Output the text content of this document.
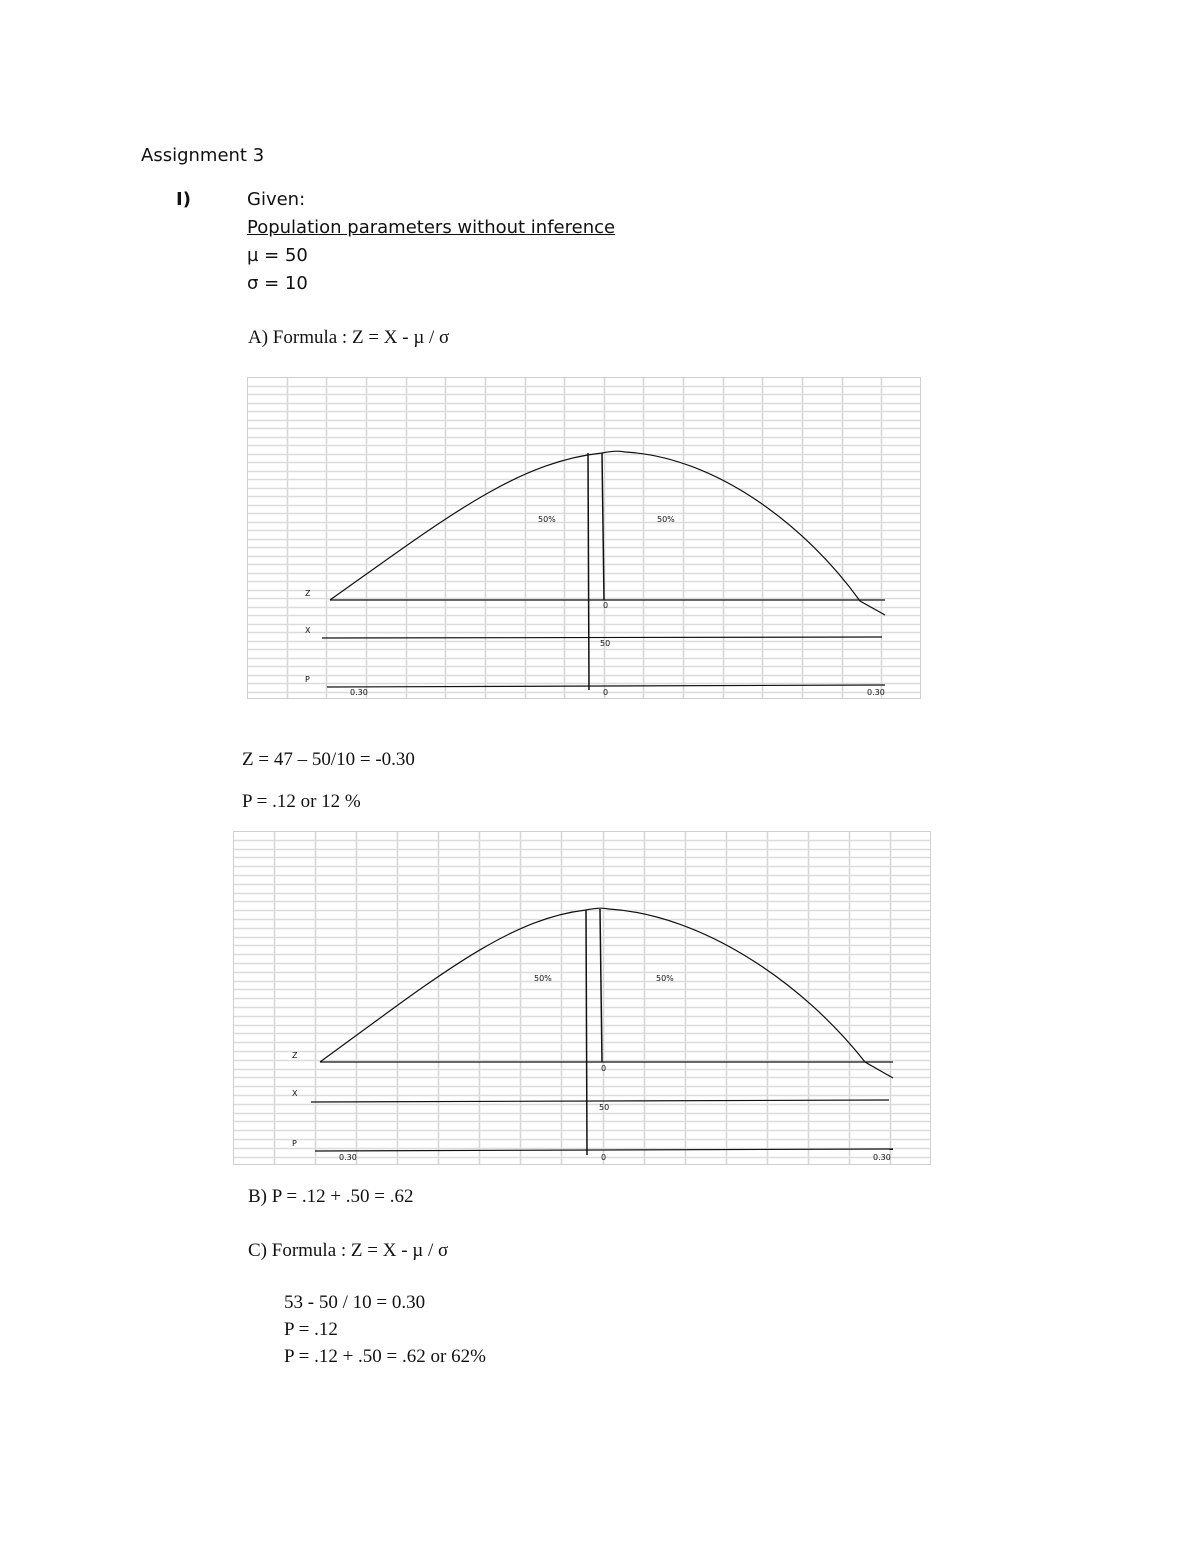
Assignment 3
I)	Given:
Population parameters without inference
µ = 50
σ = 10
A) Formula : Z = X - µ / σ
Z
X
P
50%	50%
0
50
0.30	0	0.30
Z = 47 – 50/10 = -0.30
P = .12 or 12 %
Z
X
P
50%	50%
0
50
0.30	0	0.30
B) P = .12 + .50 = .62
C) Formula : Z = X - µ / σ
53 - 50 / 10 = 0.30
P = .12
P = .12 + .50 = .62 or 62%
